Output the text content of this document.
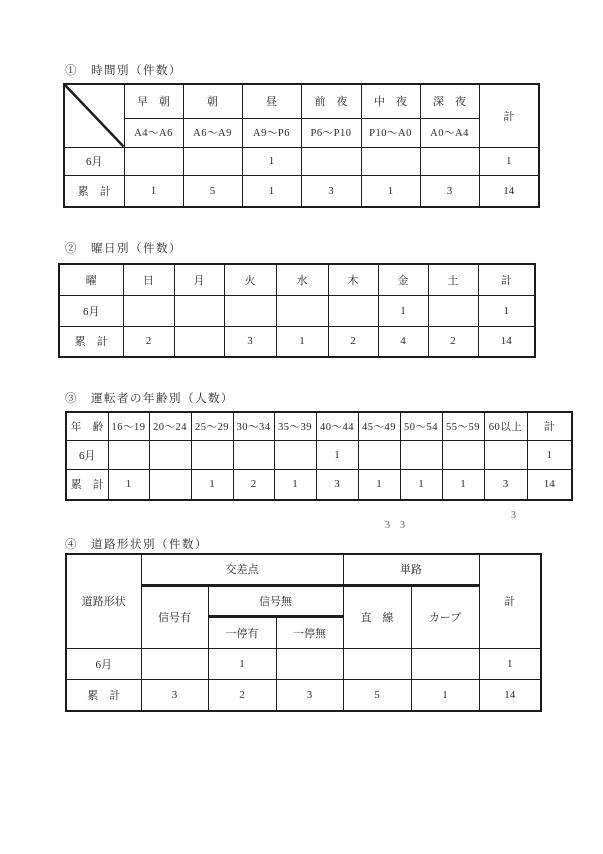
①　時間別（件数）
	早　朝	朝	昼	前　夜	中　夜	深　夜	計
	A4～A6	A6～A9	A9～P6	P6～P10	P10～A0	A0～A4	
6月			1				1
累　計	1	5	1	3	1	3	14
②　曜日別（件数）
曜	日	月	火	水	木	金	土	計
6月						1		1
累　計	2		3	1	2	4	2	14
③　運転者の年齢別（人数）
年　齢	16～19	20～24	25～29	30～34	35～39	40～44	45～49	50～54	55～59	60以上	計
6月						1					1
累　計	1		1	2	1	3	1	1	1	3	14
3 3
3
④　道路形状別（件数）
道路形状	交差点			単路		計
	信号有	信号無		直　線	カーブ	
		一停有	一停無			
6月		1				1
累　計	3	2	3	5	1	14
